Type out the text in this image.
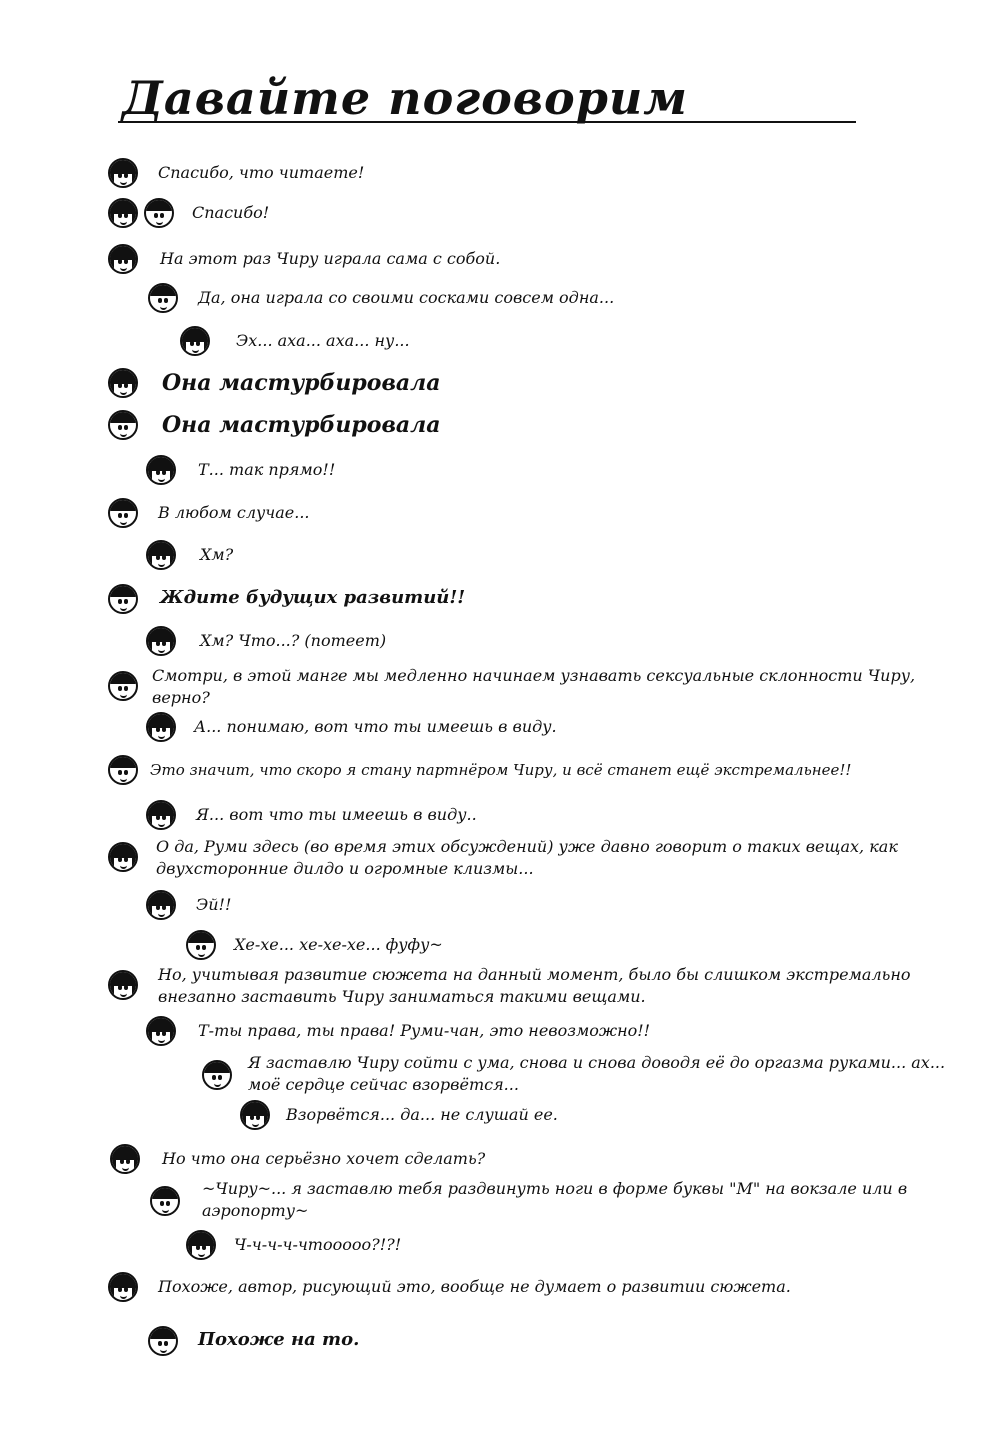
Давайте поговорим
Спасибо, что читаете!
Спасибо!
На этот раз Чиру играла сама с собой.
Да, она играла со своими сосками совсем одна...
Эх... аха... аха... ну...
Она мастурбировала
Она мастурбировала
Т... так прямо!!
В любом случае...
Хм?
Ждите будущих развитий!!
Хм? Что...? (потеет)
Смотри, в этой манге мы медленно начинаем узнавать сексуальные склонности Чиру, верно?
А... понимаю, вот что ты имеешь в виду.
Это значит, что скоро я стану партнёром Чиру, и всё станет ещё экстремальнее!!
Я... вот что ты имеешь в виду..
О да, Руми здесь (во время этих обсуждений) уже давно говорит о таких вещах, как двухсторонние дилдо и огромные клизмы...
Эй!!
Хе-хе... хе-хе-хе... фуфу~
Но, учитывая развитие сюжета на данный момент, было бы слишком экстремально внезапно заставить Чиру заниматься такими вещами.
Т-ты права, ты права! Руми-чан, это невозможно!!
Я заставлю Чиру сойти с ума, снова и снова доводя её до оргазма руками... ах... моё сердце сейчас взорвётся...
Взорвётся... да... не слушай ее.
Но что она серьёзно хочет сделать?
~Чиру~... я заставлю тебя раздвинуть ноги в форме буквы "М" на вокзале или в аэропорту~
Ч-ч-ч-ч-чтооооо?!?!
Похоже, автор, рисующий это, вообще не думает о развитии сюжета.
Похоже на то.
